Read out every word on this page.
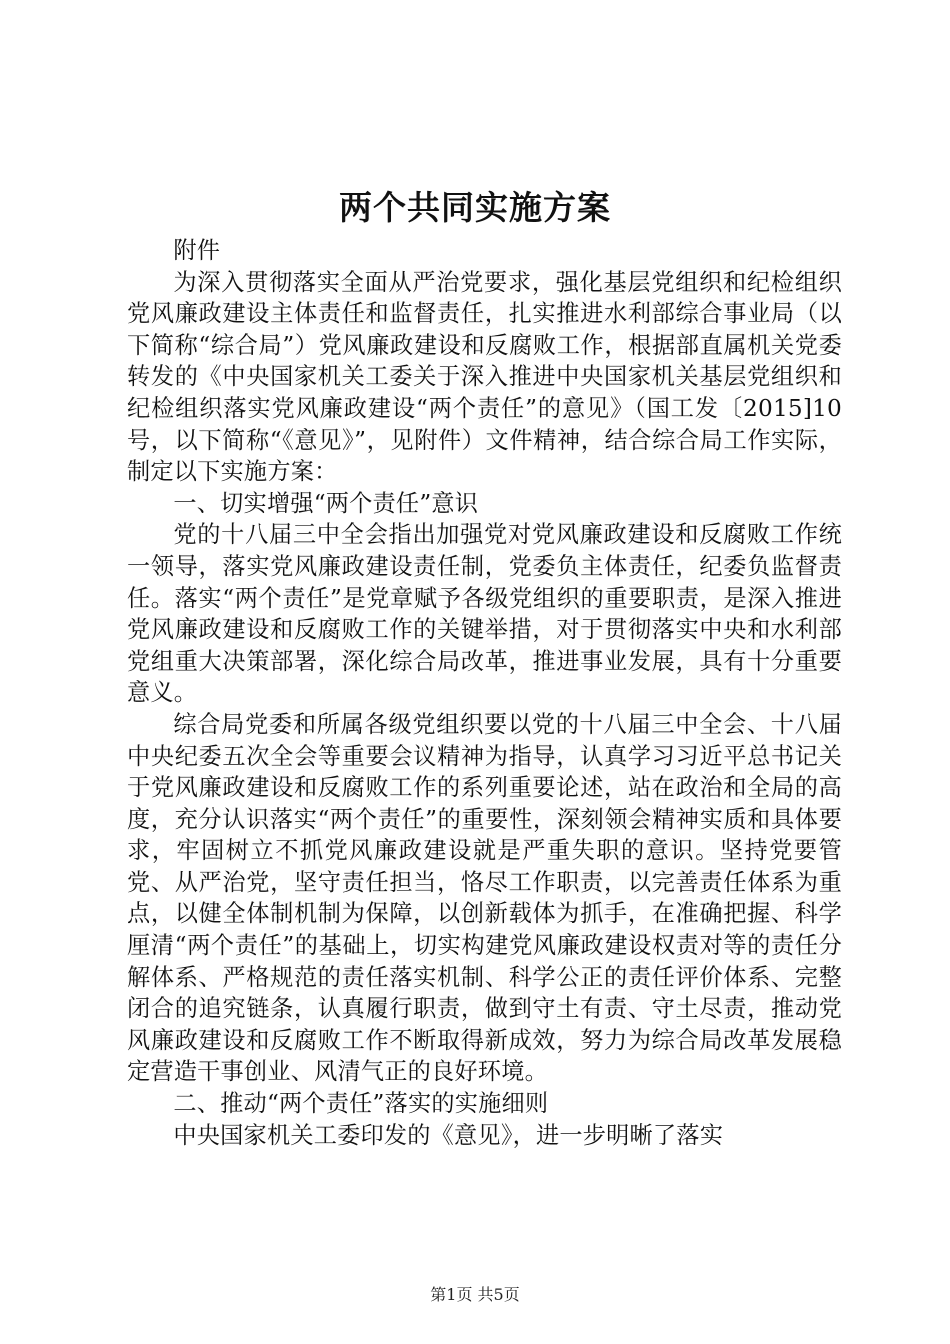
两个共同实施方案

附件

为深入贯彻落实全面从严治党要求，强化基层党组织和纪检组织党风廉政建设主体责任和监督责任，扎实推进水利部综合事业局（以下简称“综合局”）党风廉政建设和反腐败工作，根据部直属机关党委转发的《中央国家机关工委关于深入推进中央国家机关基层党组织和纪检组织落实党风廉政建设“两个责任”的意见》（国工发〔2015]10号，以下简称“《意见》”，见附件）文件精神，结合综合局工作实际，制定以下实施方案：

一、切实增强“两个责任”意识

党的十八届三中全会指出加强党对党风廉政建设和反腐败工作统一领导，落实党风廉政建设责任制，党委负主体责任，纪委负监督责任。落实“两个责任”是党章赋予各级党组织的重要职责，是深入推进党风廉政建设和反腐败工作的关键举措，对于贯彻落实中央和水利部党组重大决策部署，深化综合局改革，推进事业发展，具有十分重要意义。

综合局党委和所属各级党组织要以党的十八届三中全会、十八届中央纪委五次全会等重要会议精神为指导，认真学习习近平总书记关于党风廉政建设和反腐败工作的系列重要论述，站在政治和全局的高度，充分认识落实“两个责任”的重要性，深刻领会精神实质和具体要求，牢固树立不抓党风廉政建设就是严重失职的意识。坚持党要管党、从严治党，坚守责任担当，恪尽工作职责，以完善责任体系为重点，以健全体制机制为保障，以创新载体为抓手，在准确把握、科学厘清“两个责任”的基础上，切实构建党风廉政建设权责对等的责任分解体系、严格规范的责任落实机制、科学公正的责任评价体系、完整闭合的追究链条，认真履行职责，做到守土有责、守土尽责，推动党风廉政建设和反腐败工作不断取得新成效，努力为综合局改革发展稳定营造干事创业、风清气正的良好环境。

二、推动“两个责任”落实的实施细则

中央国家机关工委印发的《意见》，进一步明晰了落实

第1页 共5页
